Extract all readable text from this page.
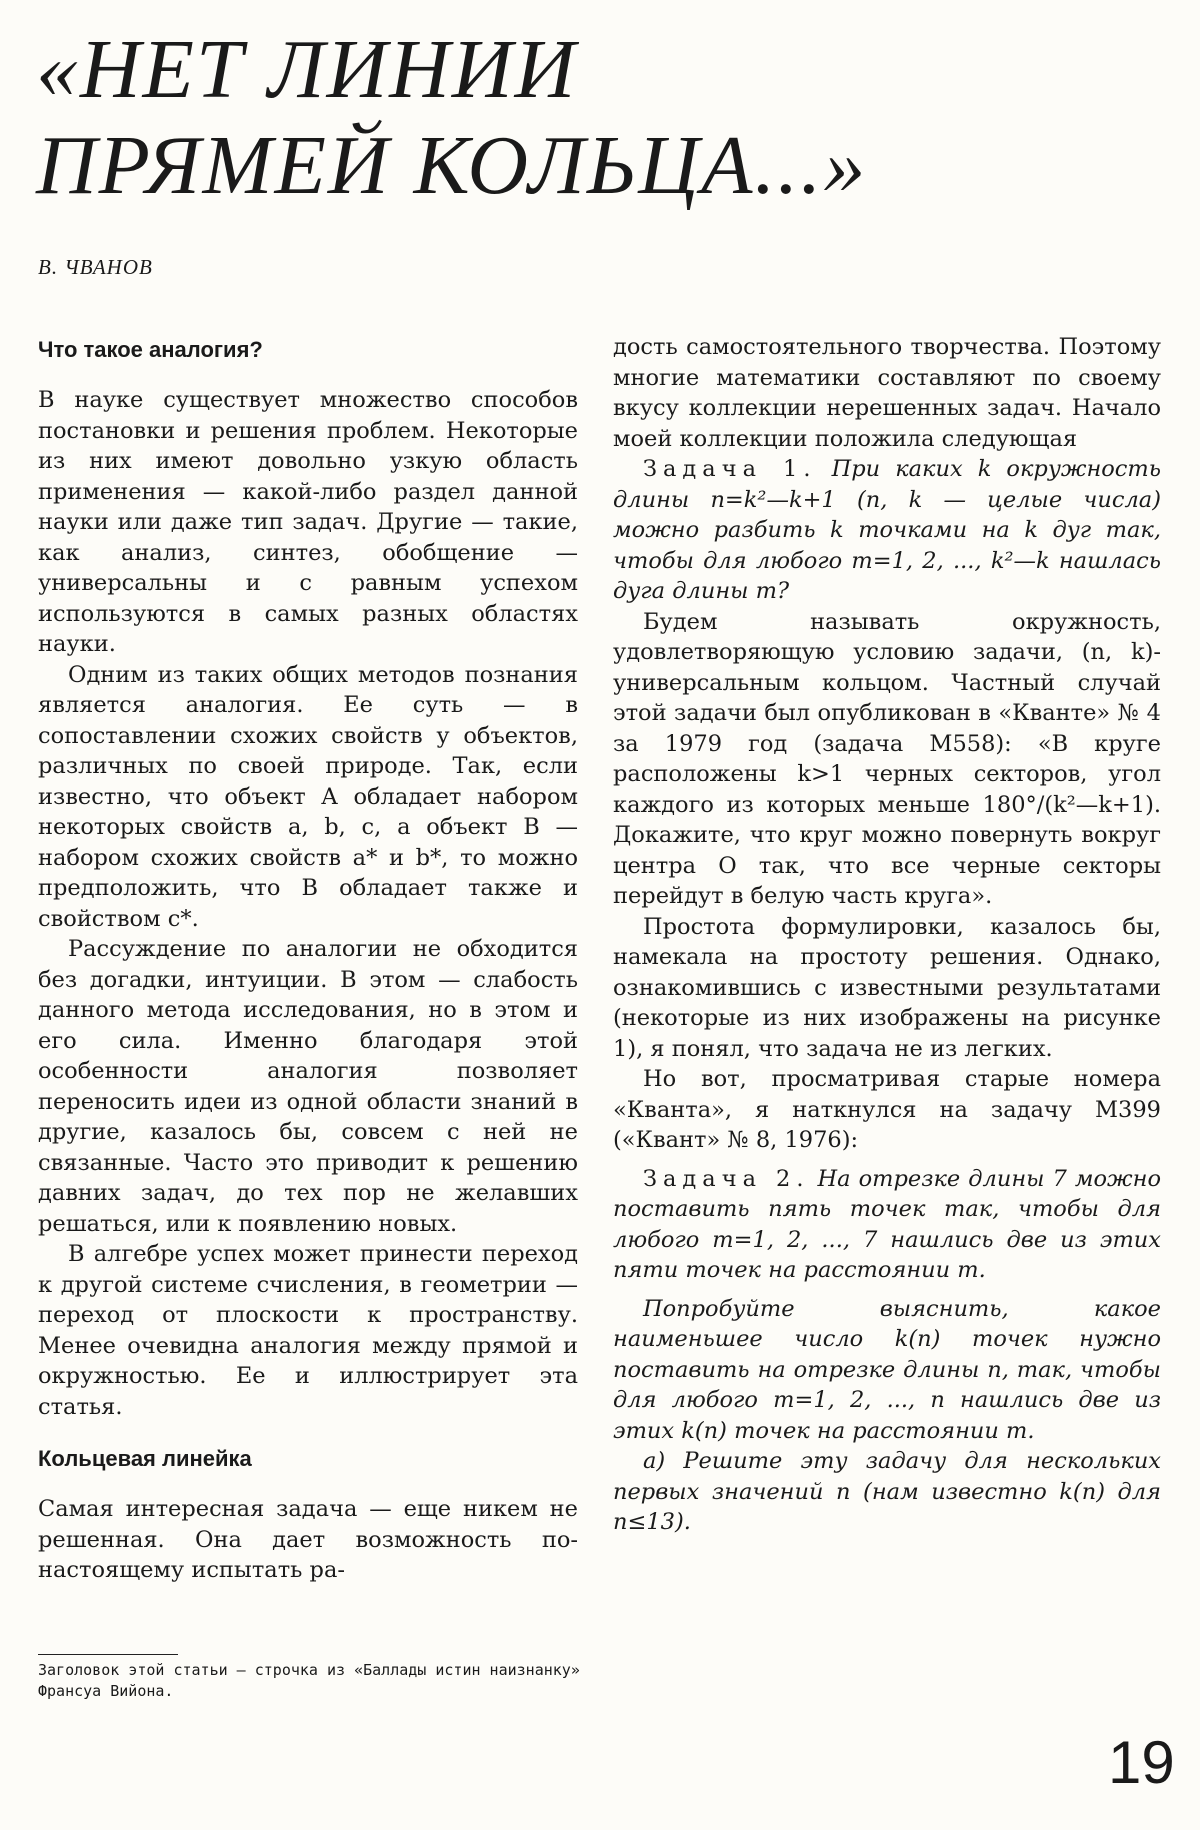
«НЕТ ЛИНИИ
ПРЯМЕЙ КОЛЬЦА...»
В. ЧВАНОВ
Что такое аналогия?

В науке существует множество способов постановки и решения проблем. Некоторые из них имеют довольно узкую область применения — какой-либо раздел данной науки или даже тип задач. Другие — такие, как анализ, синтез, обобщение — универсальны и с равным успехом используются в самых разных областях науки.

Одним из таких общих методов познания является аналогия. Ее суть — в сопоставлении схожих свойств у объектов, различных по своей природе. Так, если известно, что объект A обладает набором некоторых свойств a, b, c, а объект B — набором схожих свойств a* и b*, то можно предположить, что B обладает также и свойством c*.

Рассуждение по аналогии не обходится без догадки, интуиции. В этом — слабость данного метода исследования, но в этом и его сила. Именно благодаря этой особенности аналогия позволяет переносить идеи из одной области знаний в другие, казалось бы, совсем с ней не связанные. Часто это приводит к решению давних задач, до тех пор не желавших решаться, или к появлению новых.

В алгебре успех может принести переход к другой системе счисления, в геометрии — переход от плоскости к пространству. Менее очевидна аналогия между прямой и окружностью. Ее и иллюстрирует эта статья.

Кольцевая линейка

Самая интересная задача — еще никем не решенная. Она дает возможность по-настоящему испытать ра-

Заголовок этой статьи — строчка из «Баллады истин наизнанку» Франсуа Вийона.

дость самостоятельного творчества. Поэтому многие математики составляют по своему вкусу коллекции нерешенных задач. Начало моей коллекции положила следующая

Задача 1. При каких k окружность длины n=k²—k+1 (n, k — целые числа) можно разбить k точками на k дуг так, чтобы для любого m=1, 2, ..., k²—k нашлась дуга длины m?

Будем называть окружность, удовлетворяющую условию задачи, (n, k)-универсальным кольцом. Частный случай этой задачи был опубликован в «Кванте» № 4 за 1979 год (задача М558): «В круге расположены k>1 черных секторов, угол каждого из которых меньше 180°/(k²—k+1). Докажите, что круг можно повернуть вокруг центра O так, что все черные секторы перейдут в белую часть круга».

Простота формулировки, казалось бы, намекала на простоту решения. Однако, ознакомившись с известными результатами (некоторые из них изображены на рисунке 1), я понял, что задача не из легких.

Но вот, просматривая старые номера «Кванта», я наткнулся на задачу М399 («Квант» № 8, 1976):

Задача 2. На отрезке длины 7 можно поставить пять точек так, чтобы для любого m=1, 2, ..., 7 нашлись две из этих пяти точек на расстоянии m.

Попробуйте выяснить, какое наименьшее число k(n) точек нужно поставить на отрезке длины n, так, чтобы для любого m=1, 2, ..., n нашлись две из этих k(n) точек на расстоянии m.

а) Решите эту задачу для нескольких первых значений n (нам известно k(n) для n≤13).

19
